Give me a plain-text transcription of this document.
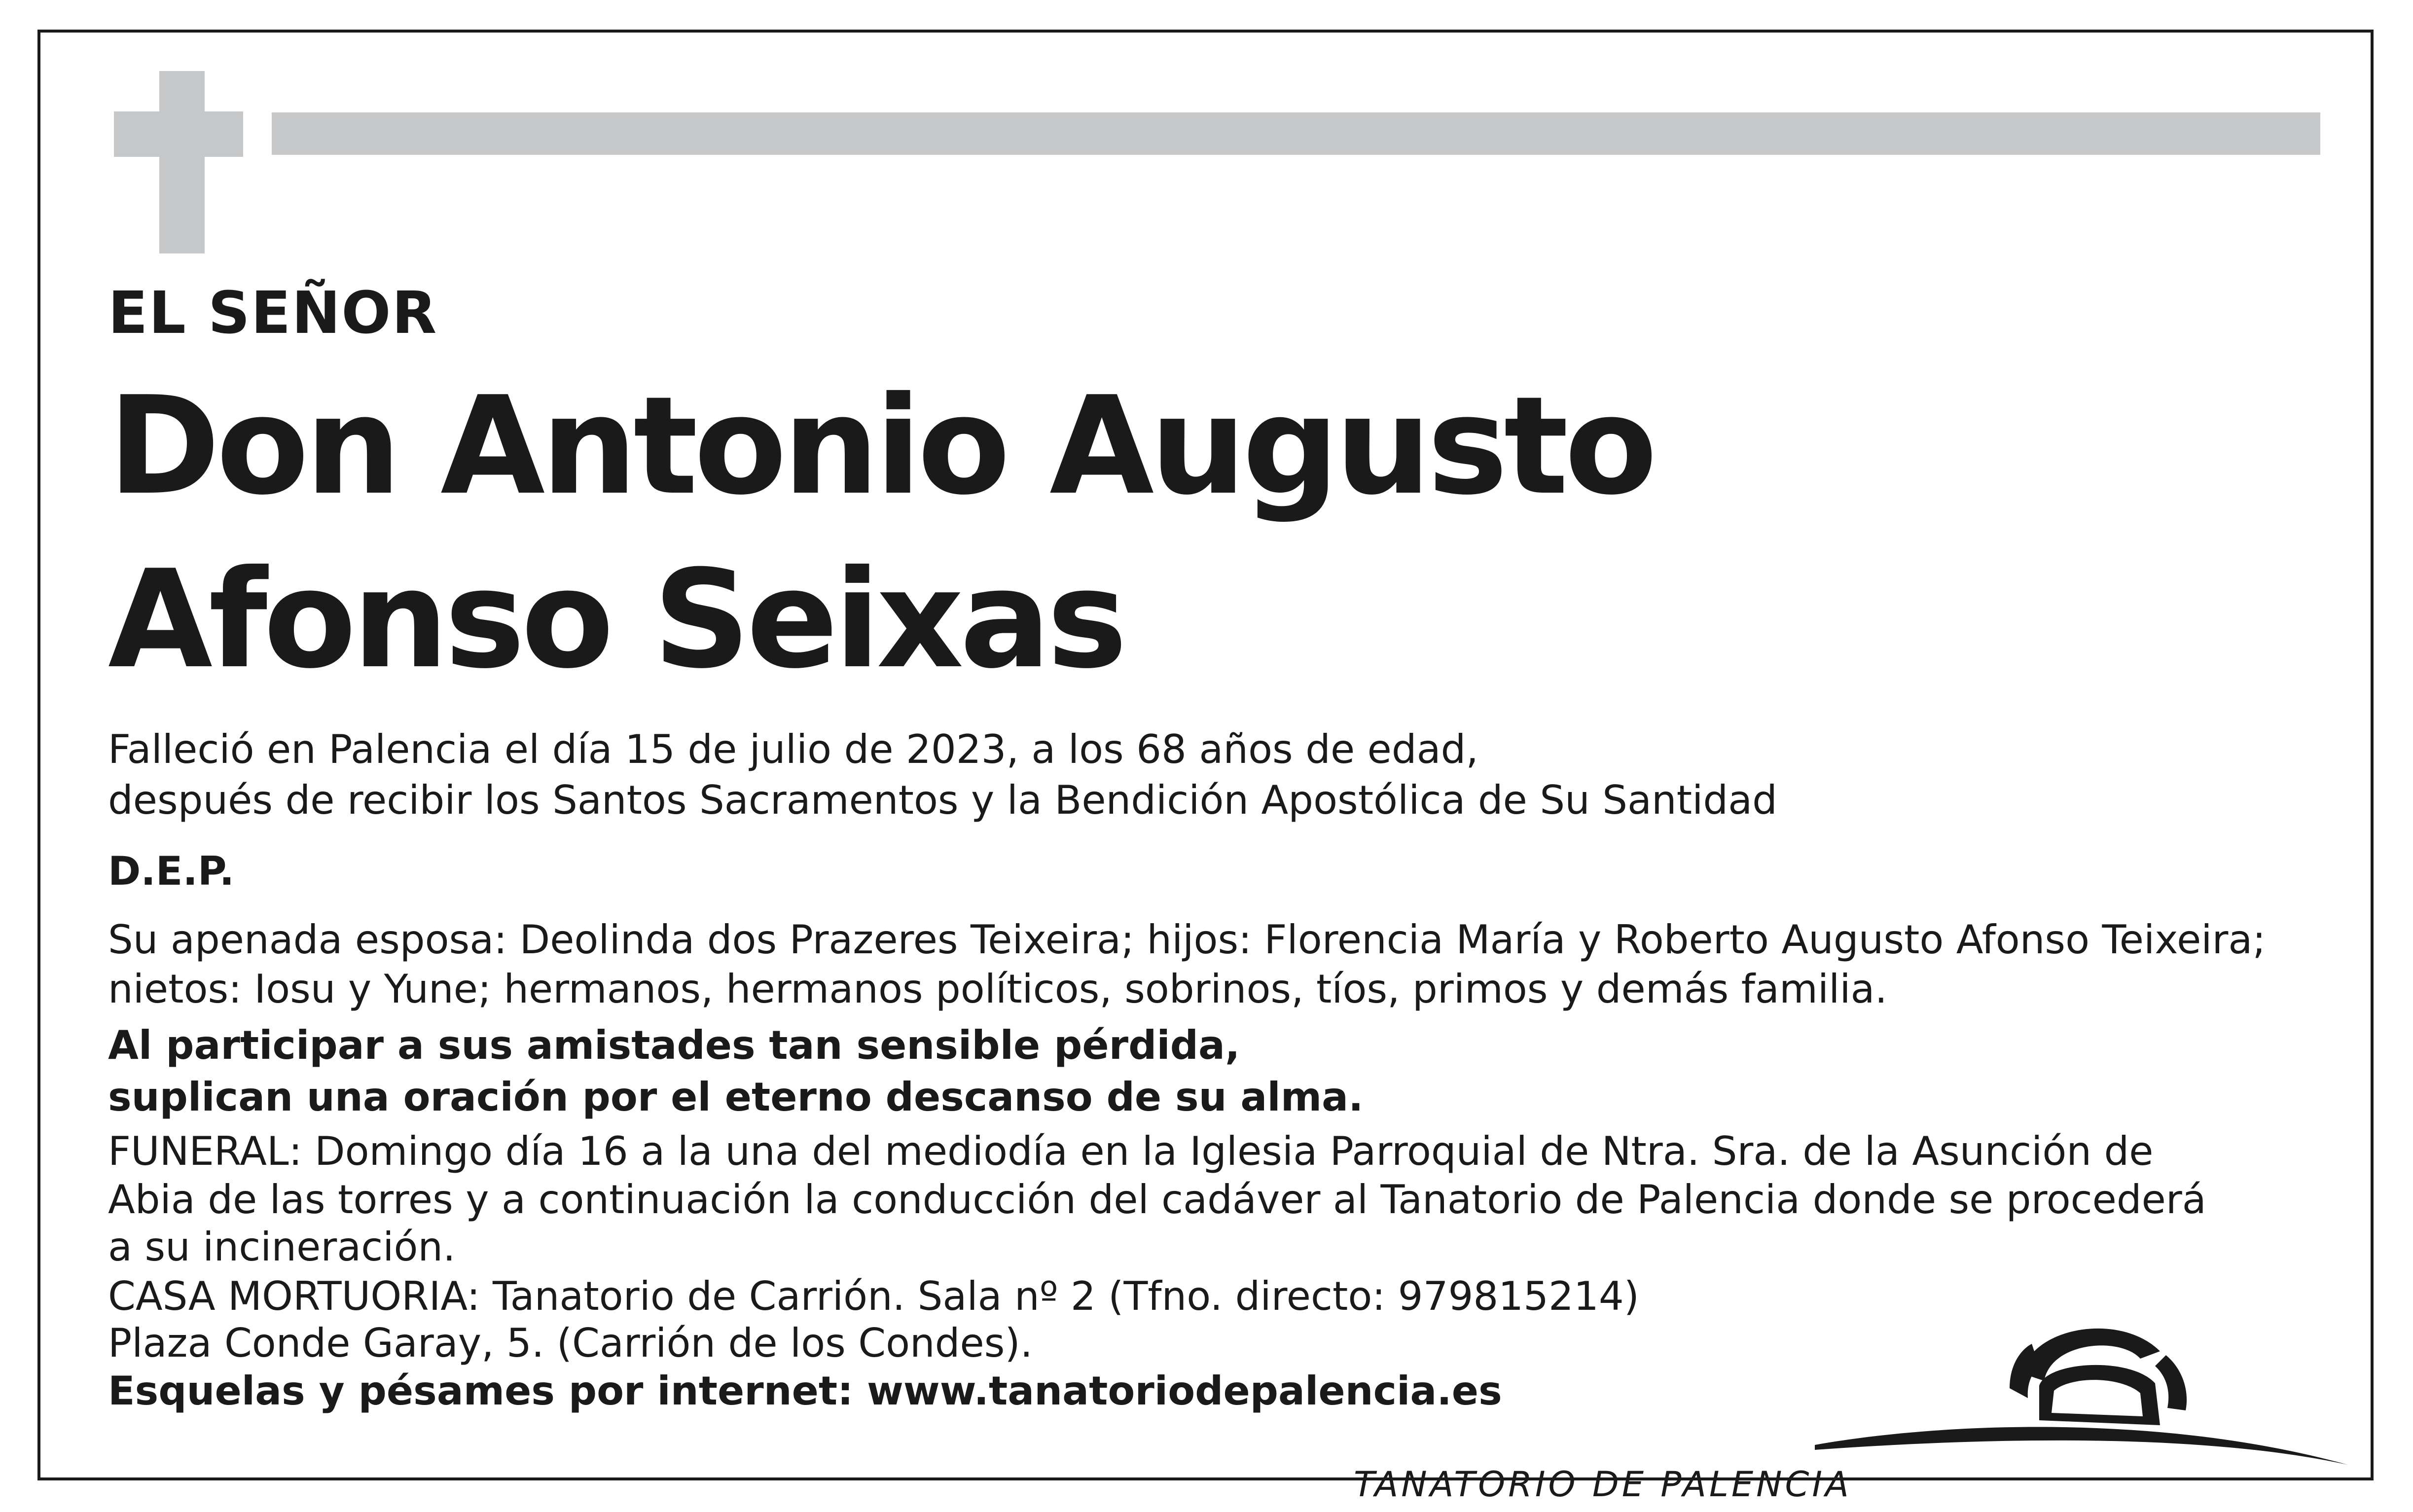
EL SEÑOR

Don Antonio Augusto

Afonso Seixas

Falleció en Palencia el día 15 de julio de 2023, a los 68 años de edad,

después de recibir los Santos Sacramentos y la Bendición Apostólica de Su Santidad

D.E.P.

Su apenada esposa: Deolinda dos Prazeres Teixeira; hijos: Florencia María y Roberto Augusto Afonso Teixeira;

nietos: Iosu y Yune; hermanos, hermanos políticos, sobrinos, tíos, primos y demás familia.

Al participar a sus amistades tan sensible pérdida,

suplican una oración por el eterno descanso de su alma.

FUNERAL: Domingo día 16 a la una del mediodía en la Iglesia Parroquial de Ntra. Sra. de la Asunción de

Abia de las torres y a continuación la conducción del cadáver al Tanatorio de Palencia donde se procederá

a su incineración.

CASA MORTUORIA: Tanatorio de Carrión. Sala nº 2 (Tfno. directo: 979815214)

Plaza Conde Garay, 5. (Carrión de los Condes).

Esquelas y pésames por internet: www.tanatoriodepalencia.es

TANATORIO DE PALENCIA
